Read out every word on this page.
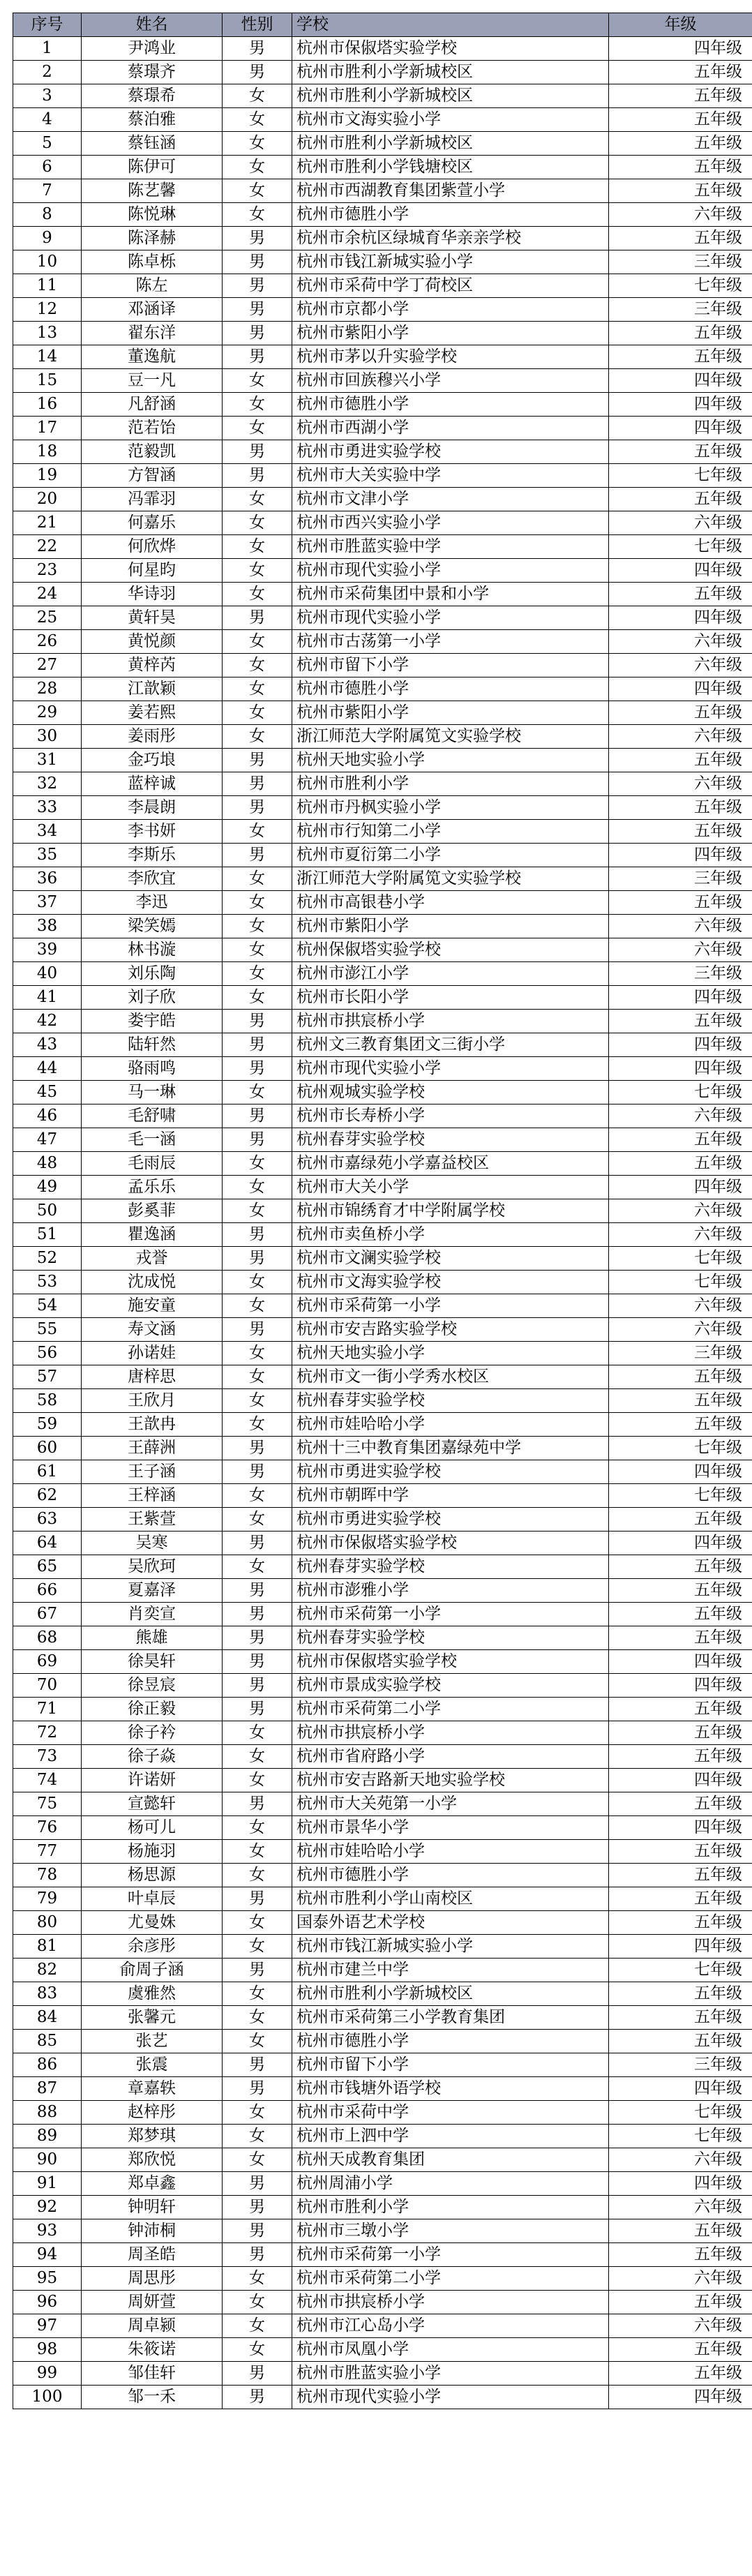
序号	姓名	性别	学校	年级
1	尹鸿业	男	杭州市保俶塔实验学校	四年级
2	蔡璟齐	男	杭州市胜利小学新城校区	五年级
3	蔡璟希	女	杭州市胜利小学新城校区	五年级
4	蔡泊雅	女	杭州市文海实验小学	五年级
5	蔡钰涵	女	杭州市胜利小学新城校区	五年级
6	陈伊可	女	杭州市胜利小学钱塘校区	五年级
7	陈艺馨	女	杭州市西湖教育集团紫萱小学	五年级
8	陈悦琳	女	杭州市德胜小学	六年级
9	陈泽赫	男	杭州市余杭区绿城育华亲亲学校	五年级
10	陈卓栎	男	杭州市钱江新城实验小学	三年级
11	陈左	男	杭州市采荷中学丁荷校区	七年级
12	邓涵译	男	杭州市京都小学	三年级
13	翟东洋	男	杭州市紫阳小学	五年级
14	董逸航	男	杭州市茅以升实验学校	五年级
15	豆一凡	女	杭州市回族穆兴小学	四年级
16	凡舒涵	女	杭州市德胜小学	四年级
17	范若饴	女	杭州市西湖小学	四年级
18	范毅凯	男	杭州市勇进实验学校	五年级
19	方智涵	男	杭州市大关实验中学	七年级
20	冯霏羽	女	杭州市文津小学	五年级
21	何嘉乐	女	杭州市西兴实验小学	六年级
22	何欣烨	女	杭州市胜蓝实验中学	七年级
23	何星昀	女	杭州市现代实验小学	四年级
24	华诗羽	女	杭州市采荷集团中景和小学	五年级
25	黄轩昊	男	杭州市现代实验小学	四年级
26	黄悦颜	女	杭州市古荡第一小学	六年级
27	黄梓芮	女	杭州市留下小学	六年级
28	江歆颖	女	杭州市德胜小学	四年级
29	姜若熙	女	杭州市紫阳小学	五年级
30	姜雨彤	女	浙江师范大学附属笕文实验学校	六年级
31	金巧埌	男	杭州天地实验小学	五年级
32	蓝梓诚	男	杭州市胜利小学	六年级
33	李晨朗	男	杭州市丹枫实验小学	五年级
34	李书妍	女	杭州市行知第二小学	五年级
35	李斯乐	男	杭州市夏衍第二小学	四年级
36	李欣宜	女	浙江师范大学附属笕文实验学校	三年级
37	李迅	女	杭州市高银巷小学	五年级
38	梁笑嫣	女	杭州市紫阳小学	六年级
39	林书漩	女	杭州保俶塔实验学校	六年级
40	刘乐陶	女	杭州市澎江小学	三年级
41	刘子欣	女	杭州市长阳小学	四年级
42	娄宇皓	男	杭州市拱宸桥小学	五年级
43	陆轩然	男	杭州文三教育集团文三街小学	四年级
44	骆雨鸣	男	杭州市现代实验小学	四年级
45	马一琳	女	杭州观城实验学校	七年级
46	毛舒啸	男	杭州市长寿桥小学	六年级
47	毛一涵	男	杭州春芽实验学校	五年级
48	毛雨辰	女	杭州市嘉绿苑小学嘉益校区	五年级
49	孟乐乐	女	杭州市大关小学	四年级
50	彭奚菲	女	杭州市锦绣育才中学附属学校	六年级
51	瞿逸涵	男	杭州市卖鱼桥小学	六年级
52	戎誉	男	杭州市文澜实验学校	七年级
53	沈成悦	女	杭州市文海实验学校	七年级
54	施安童	女	杭州市采荷第一小学	六年级
55	寿文涵	男	杭州市安吉路实验学校	六年级
56	孙诺娃	女	杭州天地实验小学	三年级
57	唐梓思	女	杭州市文一街小学秀水校区	五年级
58	王欣月	女	杭州春芽实验学校	五年级
59	王歆冉	女	杭州市娃哈哈小学	五年级
60	王薛洲	男	杭州十三中教育集团嘉绿苑中学	七年级
61	王子涵	男	杭州市勇进实验学校	四年级
62	王梓涵	女	杭州市朝晖中学	七年级
63	王紫萱	女	杭州市勇进实验学校	五年级
64	吴寒	男	杭州市保俶塔实验学校	四年级
65	吴欣珂	女	杭州春芽实验学校	五年级
66	夏嘉泽	男	杭州市澎雅小学	五年级
67	肖奕宣	男	杭州市采荷第一小学	五年级
68	熊雄	男	杭州春芽实验学校	五年级
69	徐昊轩	男	杭州市保俶塔实验学校	四年级
70	徐昱宸	男	杭州市景成实验学校	四年级
71	徐正毅	男	杭州市采荷第二小学	五年级
72	徐子衿	女	杭州市拱宸桥小学	五年级
73	徐子焱	女	杭州市省府路小学	五年级
74	许诺妍	女	杭州市安吉路新天地实验学校	四年级
75	宣懿轩	男	杭州市大关苑第一小学	五年级
76	杨可儿	女	杭州市景华小学	四年级
77	杨施羽	女	杭州市娃哈哈小学	五年级
78	杨思源	女	杭州市德胜小学	五年级
79	叶卓辰	男	杭州市胜利小学山南校区	五年级
80	尤曼姝	女	国泰外语艺术学校	五年级
81	余彦彤	女	杭州市钱江新城实验小学	四年级
82	俞周子涵	男	杭州市建兰中学	七年级
83	虞雅然	女	杭州市胜利小学新城校区	五年级
84	张馨元	女	杭州市采荷第三小学教育集团	五年级
85	张艺	女	杭州市德胜小学	五年级
86	张震	男	杭州市留下小学	三年级
87	章嘉轶	男	杭州市钱塘外语学校	四年级
88	赵梓彤	女	杭州市采荷中学	七年级
89	郑梦琪	女	杭州市上泗中学	七年级
90	郑欣悦	女	杭州天成教育集团	六年级
91	郑卓鑫	男	杭州周浦小学	四年级
92	钟明轩	男	杭州市胜利小学	六年级
93	钟沛桐	男	杭州市三墩小学	五年级
94	周圣皓	男	杭州市采荷第一小学	五年级
95	周思彤	女	杭州市采荷第二小学	六年级
96	周妍萱	女	杭州市拱宸桥小学	五年级
97	周卓颍	女	杭州市江心岛小学	六年级
98	朱筱诺	女	杭州市凤凰小学	五年级
99	邹佳轩	男	杭州市胜蓝实验小学	五年级
100	邹一禾	男	杭州市现代实验小学	四年级
